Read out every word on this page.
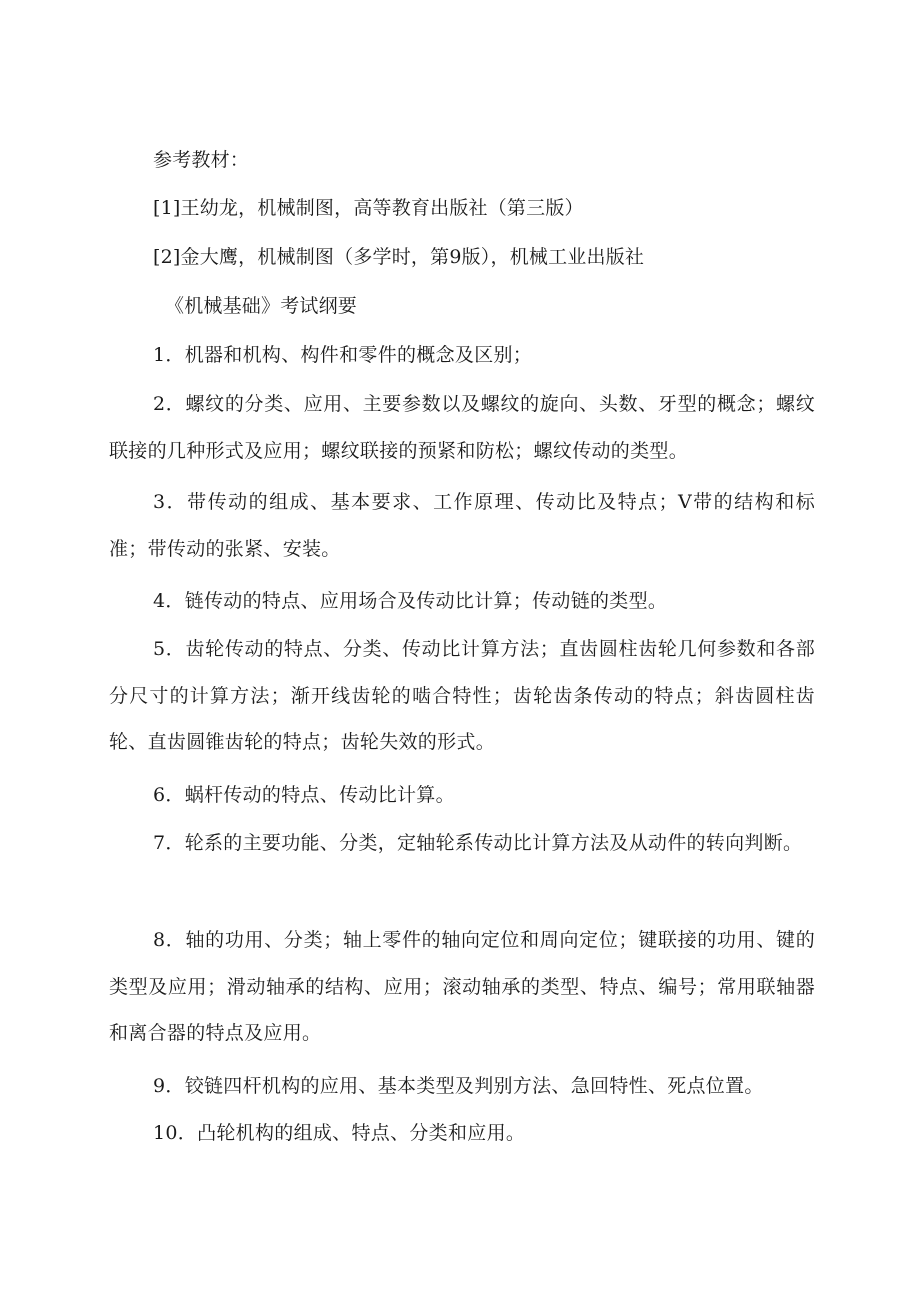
参考教材：
[1]王幼龙，机械制图，高等教育出版社（第三版）
[2]金大鹰，机械制图（多学时，第9版），机械工业出版社
《机械基础》考试纲要
1．机器和机构、构件和零件的概念及区别；
2．螺纹的分类、应用、主要参数以及螺纹的旋向、头数、牙型的概念；螺纹联接的几种形式及应用；螺纹联接的预紧和防松；螺纹传动的类型。
3．带传动的组成、基本要求、工作原理、传动比及特点；V带的结构和标准；带传动的张紧、安装。
4．链传动的特点、应用场合及传动比计算；传动链的类型。
5．齿轮传动的特点、分类、传动比计算方法；直齿圆柱齿轮几何参数和各部分尺寸的计算方法；渐开线齿轮的啮合特性；齿轮齿条传动的特点；斜齿圆柱齿轮、直齿圆锥齿轮的特点；齿轮失效的形式。
6．蜗杆传动的特点、传动比计算。
7．轮系的主要功能、分类，定轴轮系传动比计算方法及从动件的转向判断。
8．轴的功用、分类；轴上零件的轴向定位和周向定位；键联接的功用、键的类型及应用；滑动轴承的结构、应用；滚动轴承的类型、特点、编号；常用联轴器和离合器的特点及应用。
9．铰链四杆机构的应用、基本类型及判别方法、急回特性、死点位置。
10．凸轮机构的组成、特点、分类和应用。
